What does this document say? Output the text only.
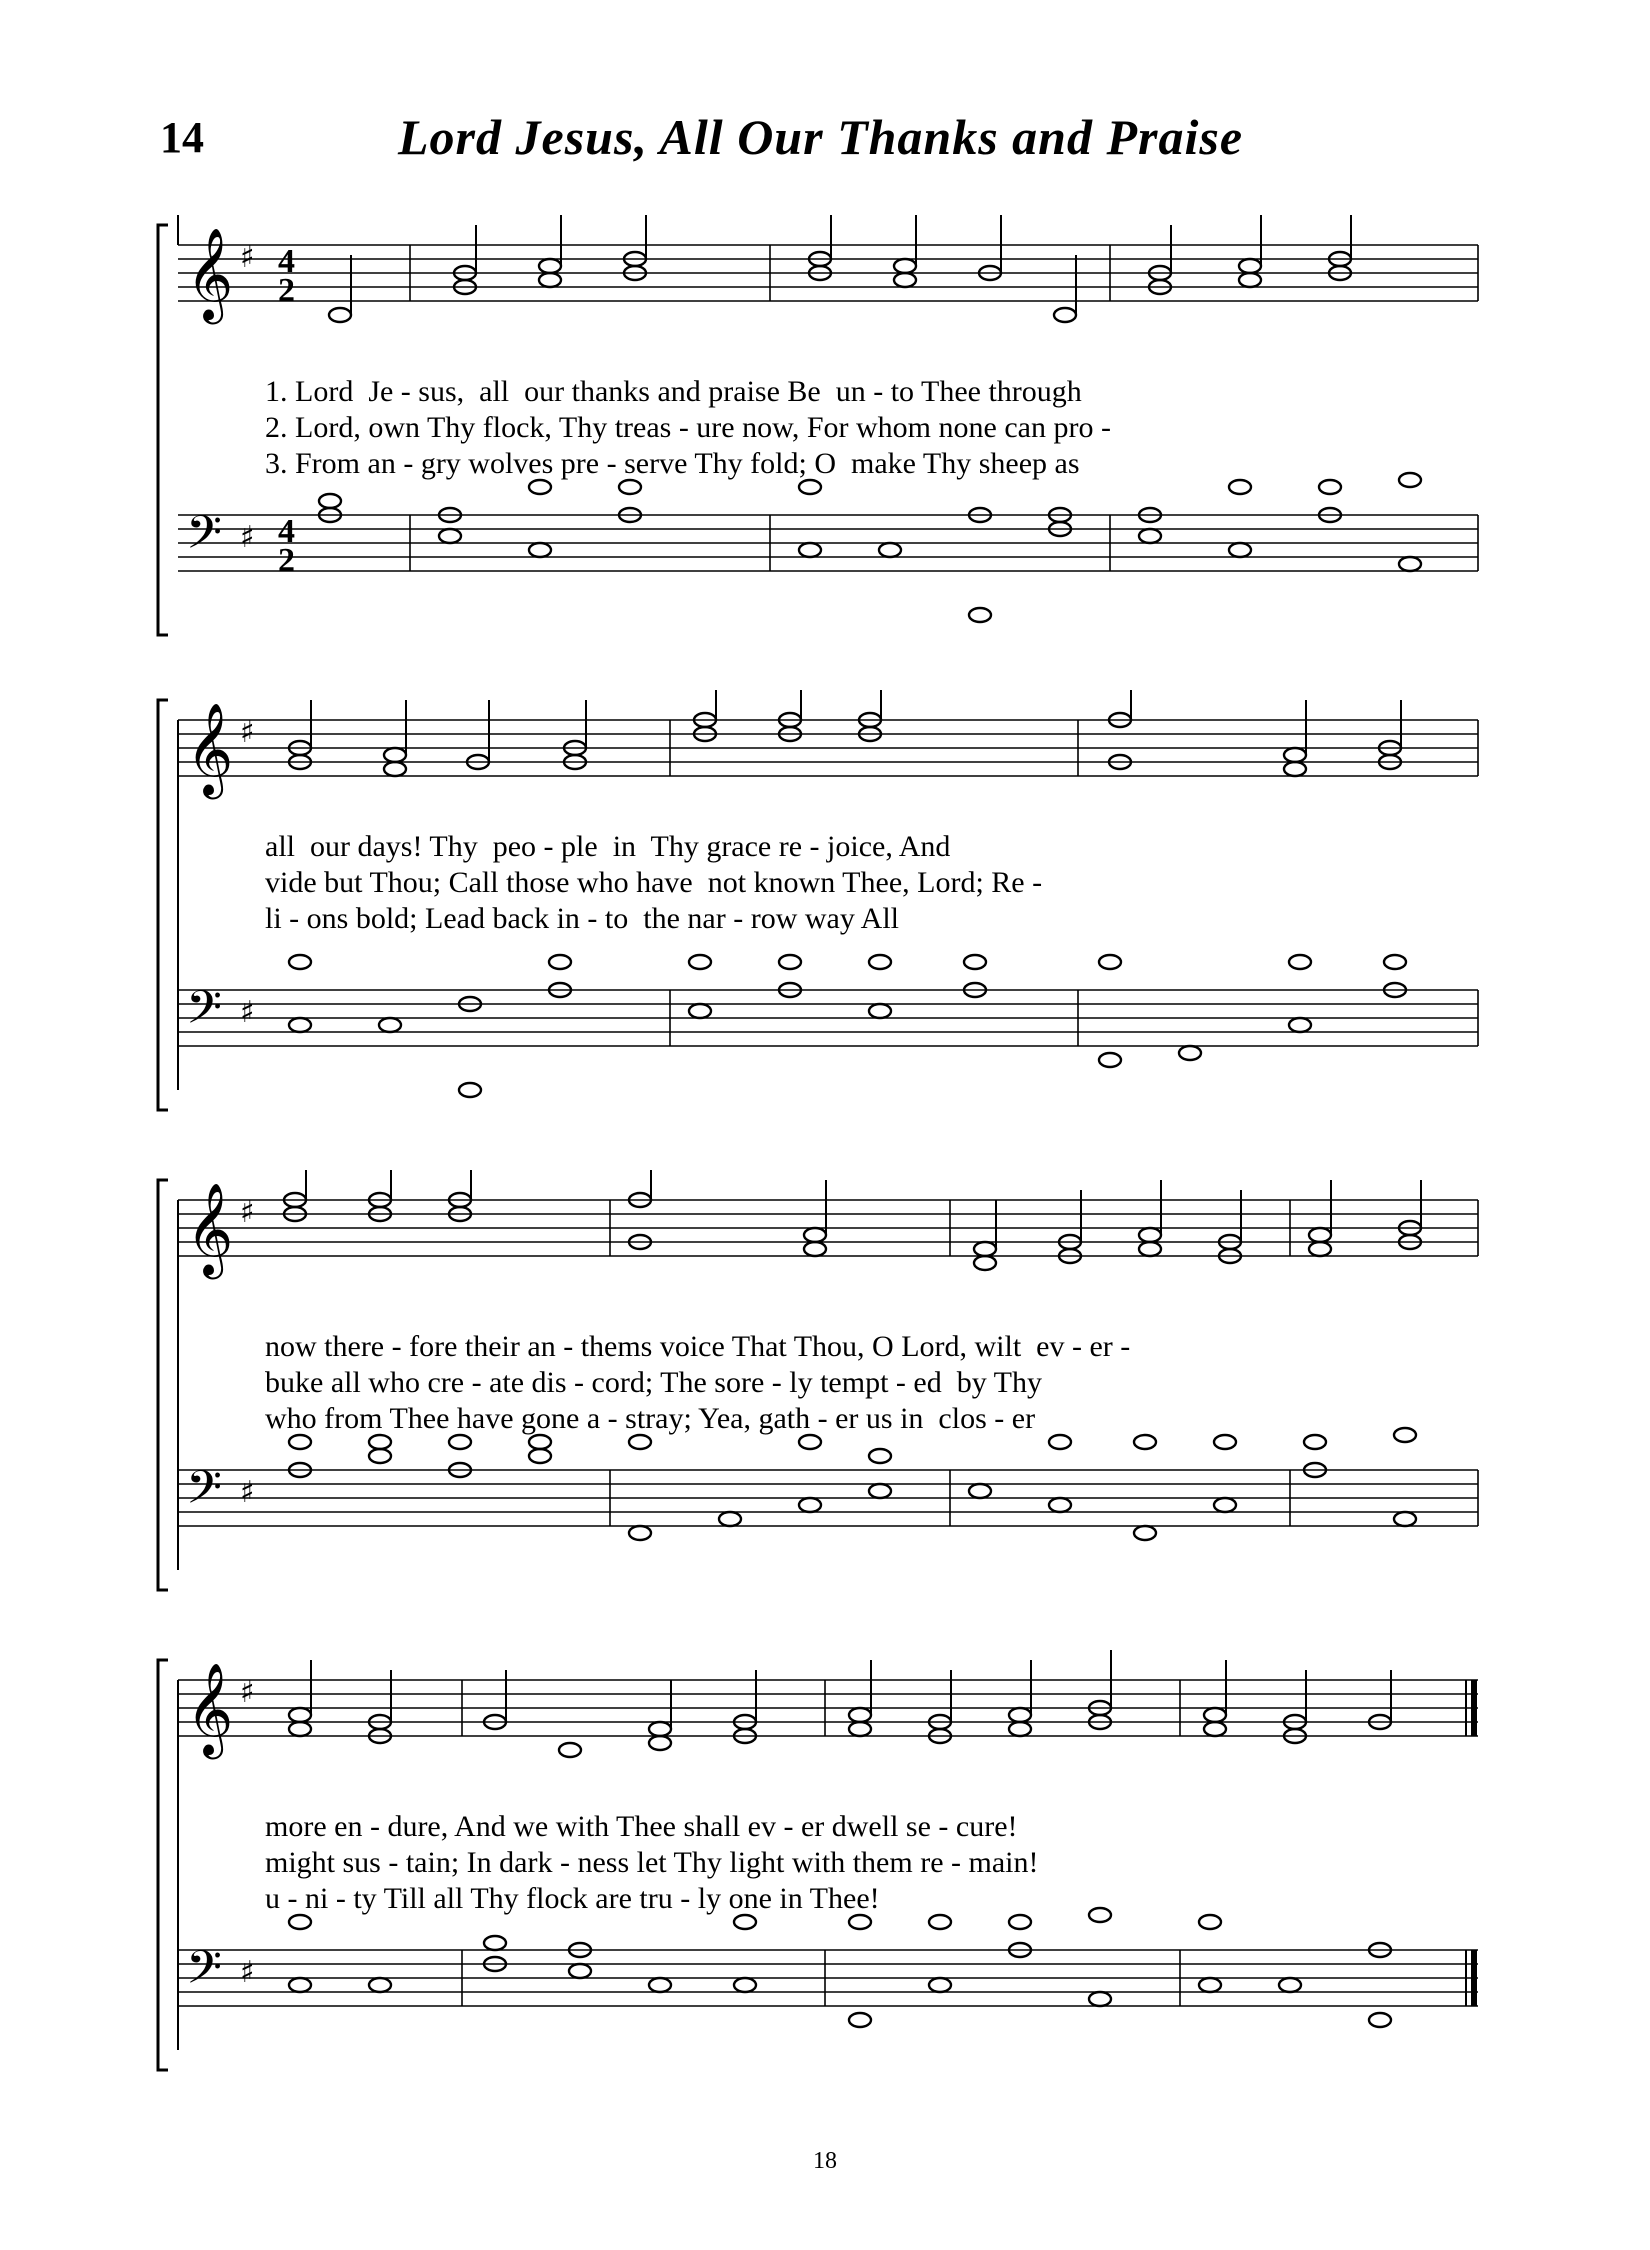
14	Lord Jesus, All Our Thanks and Praise
𝄞
𝄢
♯
♯
4
2
4
2
1. Lord  Je - sus,  all  our thanks and praise Be  un - to Thee through
2. Lord, own Thy flock, Thy treas - ure now, For whom none can pro -
3. From an - gry wolves pre - serve Thy fold; O  make Thy sheep as
𝄞
𝄢
♯
♯
all  our days! Thy  peo - ple  in  Thy grace re - joice, And
vide but Thou; Call those who have  not known Thee, Lord; Re -
li - ons bold; Lead back in - to  the nar - row way All
𝄞
𝄢
♯
♯
now there - fore their an - thems voice That Thou, O Lord, wilt  ev - er -
buke all who cre - ate dis - cord; The sore - ly tempt - ed  by Thy
who from Thee have gone a - stray; Yea, gath - er us in  clos - er
𝄞
𝄢
♯
♯
more en - dure, And we with Thee shall ev - er dwell se - cure!
might sus - tain; In dark - ness let Thy light with them re - main!
u - ni - ty Till all Thy flock are tru - ly one in Thee!
18
